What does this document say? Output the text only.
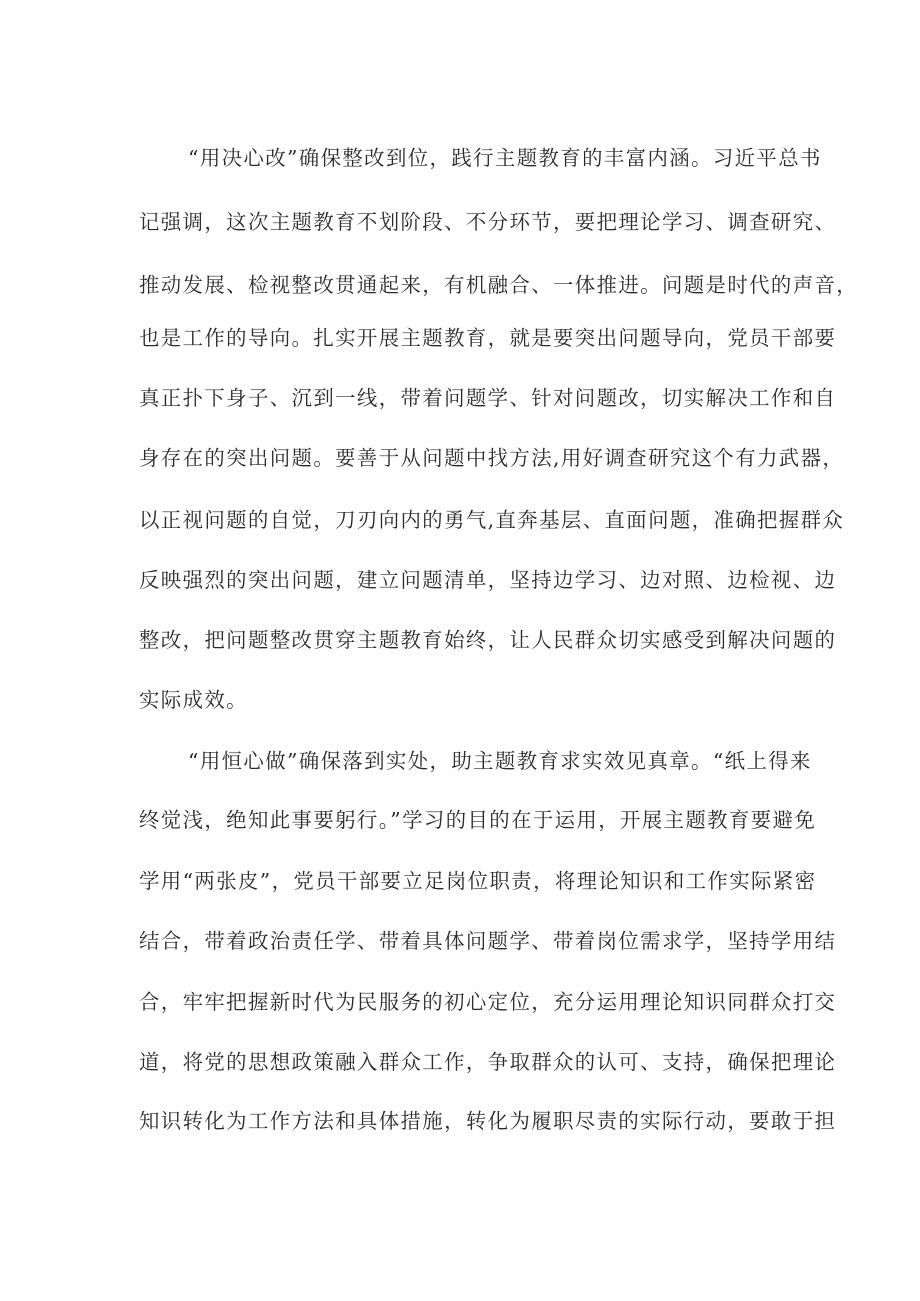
“用决心改”确保整改到位，践行主题教育的丰富内涵。习近平总书
记强调，这次主题教育不划阶段、不分环节，要把理论学习、调查研究、
推动发展、检视整改贯通起来，有机融合、一体推进。问题是时代的声音，
也是工作的导向。扎实开展主题教育，就是要突出问题导向，党员干部要
真正扑下身子、沉到一线，带着问题学、针对问题改，切实解决工作和自
身存在的突出问题。要善于从问题中找方法,用好调查研究这个有力武器，
以正视问题的自觉，刀刃向内的勇气,直奔基层、直面问题，准确把握群众
反映强烈的突出问题，建立问题清单，坚持边学习、边对照、边检视、边
整改，把问题整改贯穿主题教育始终，让人民群众切实感受到解决问题的
实际成效。
“用恒心做”确保落到实处，助主题教育求实效见真章。“纸上得来
终觉浅，绝知此事要躬行。”学习的目的在于运用，开展主题教育要避免
学用“两张皮”，党员干部要立足岗位职责，将理论知识和工作实际紧密
结合，带着政治责任学、带着具体问题学、带着岗位需求学，坚持学用结
合，牢牢把握新时代为民服务的初心定位，充分运用理论知识同群众打交
道，将党的思想政策融入群众工作，争取群众的认可、支持，确保把理论
知识转化为工作方法和具体措施，转化为履职尽责的实际行动，要敢于担
